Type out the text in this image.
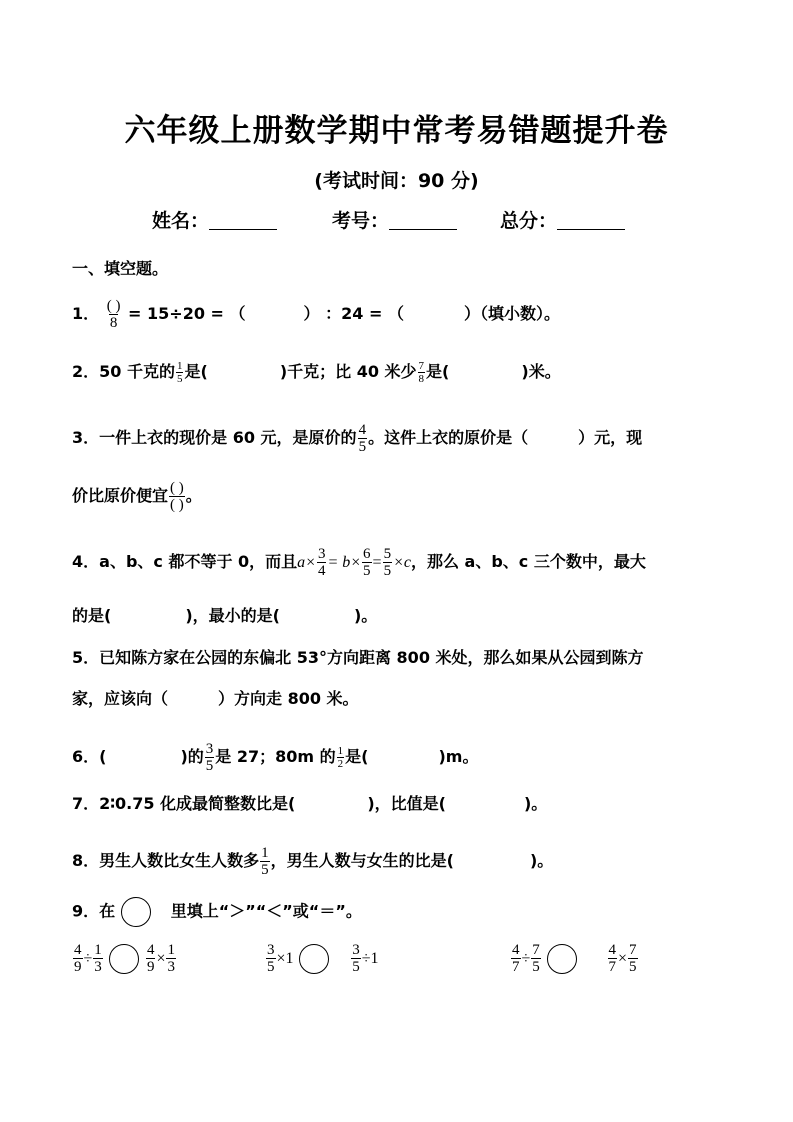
六年级上册数学期中常考易错题提升卷
(考试时间：90 分)
姓名：	考号：	总分：
一、填空题。
1． $\frac{( )}{8} = 15\div 20$ = （	） ：24 = （	）（填小数）。
2．50 千克的 $\frac{1}{5}$ 是(	)千克；比 40 米少 $\frac{7}{8}$ 是(	)米。
3．一件上衣的现价是 60 元，是原价的 $\frac{4}{5}$ 。这件上衣的原价是（	）元，现
价比原价便宜 $\frac{( )}{( )}$ 。
4．a、b、c 都不等于 0，而且$a\times \frac{3}{4} = b\times \frac{6}{5} = \frac{5}{5} \times c$，那么 a、b、c 三个数中，最大
的是(	)，最小的是(	)。
5．已知陈方家在公园的东偏北 53°方向距离 800 米处，那么如果从公园到陈方
家，应该向（	）方向走 800 米。
6．(	)的 $\frac{3}{5}$ 是 27；80m 的 $\frac{1}{2}$ 是(	)m。
7．2∶0.75 化成最简整数比是(	)，比值是(	)。
8．男生人数比女生人数多 $\frac{1}{5}$ ，男生人数与女生的比是(	)。
9．在	里填上“＞”“＜”或“＝”。
$\frac{4}{9} \div \frac{1}{3}$
	$\frac{4}{9} \times \frac{1}{3}$	$\frac{3}{5} \times 1$	$\frac{3}{5} \div 1$	$\frac{4}{7} \div \frac{7}{5}$
	$\frac{4}{7} \times \frac{7}{5}$
